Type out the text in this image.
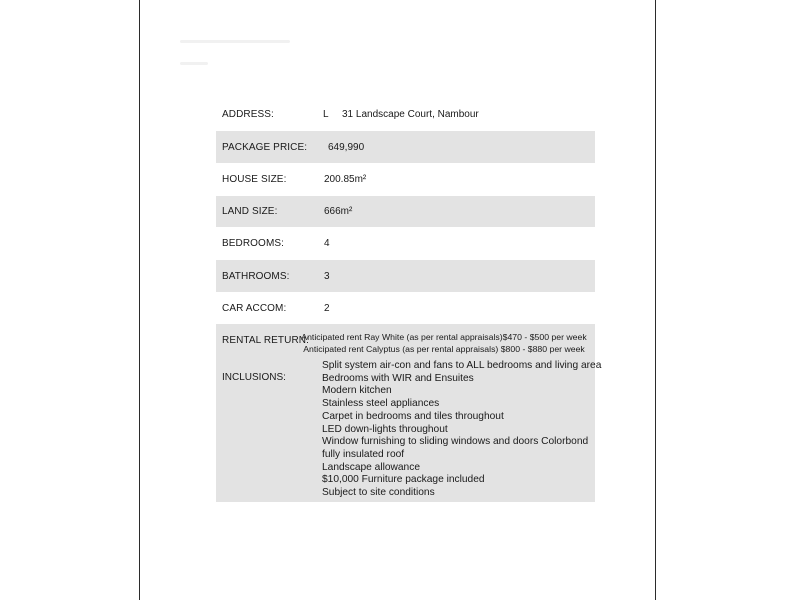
ADDRESS:	L 31 Landscape Court, Nambour
PACKAGE PRICE: 649,990
HOUSE SIZE:	200.85m²
LAND SIZE:	666m²
BEDROOMS:	4
BATHROOMS:	3
CAR ACCOM:	2
RENTAL RETURN:
Anticipated rent Ray White (as per rental appraisals)$470 - $500 per week
Anticipated rent Calyptus (as per rental appraisals) $800 - $880 per week
INCLUSIONS:
Split system air-con and fans to ALL bedrooms and living area
Bedrooms with WIR and Ensuites
Modern kitchen
Stainless steel appliances
Carpet in bedrooms and tiles throughout
LED down-lights throughout
Window furnishing to sliding windows and doors Colorbond
fully insulated roof
Landscape allowance
$10,000 Furniture package included
Subject to site conditions
